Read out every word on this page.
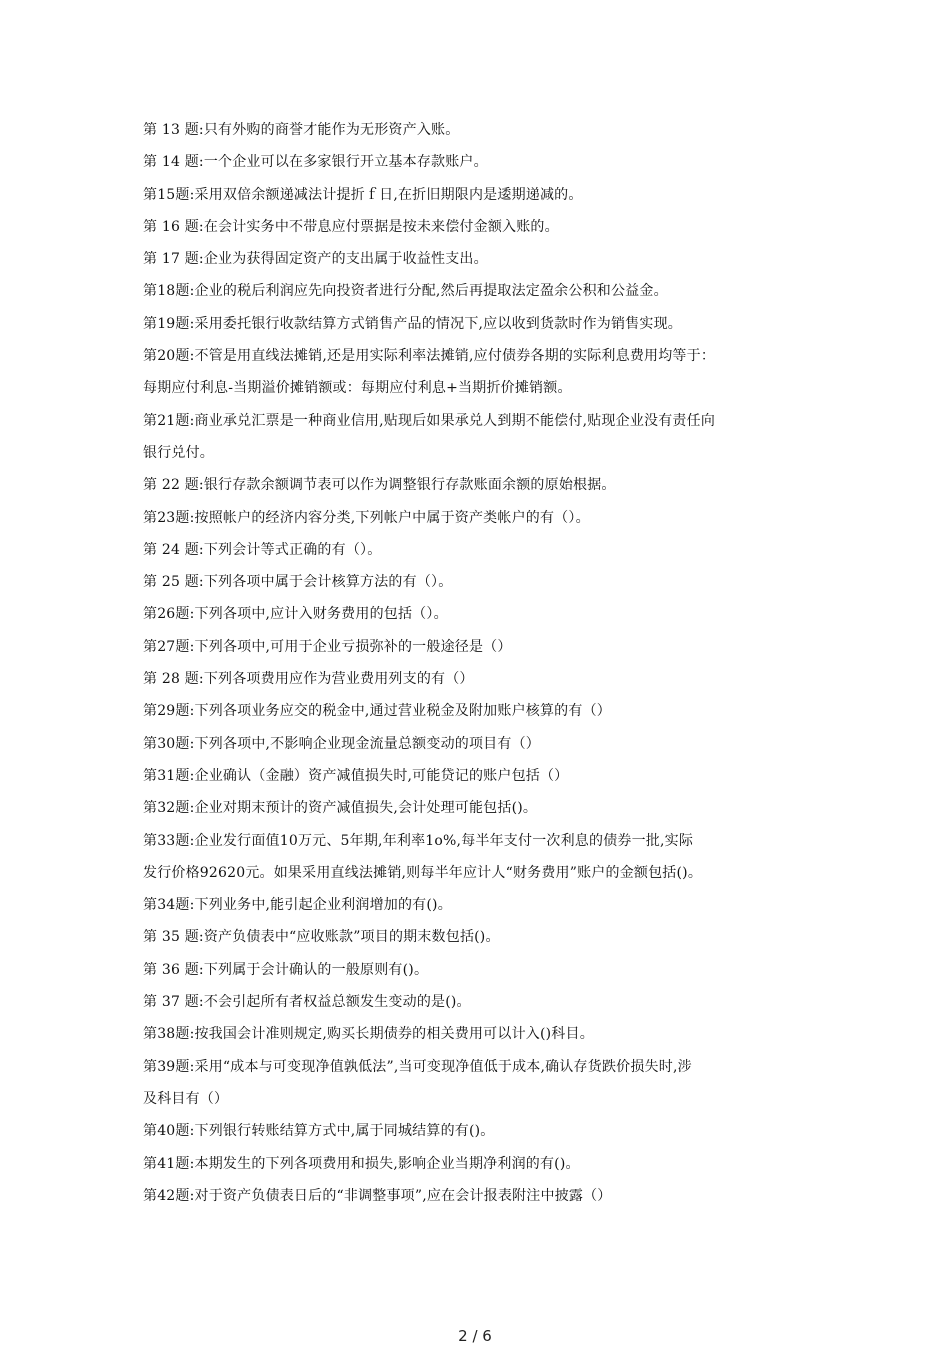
第 13 题:只有外购的商誉才能作为无形资产入账。
第 14 题:一个企业可以在多家银行开立基本存款账户。
第15题:采用双倍余额递减法计提折ｆ日,在折旧期限内是逶期递减的。
第 16 题:在会计实务中不带息应付票据是按未来偿付金额入账的。
第 17 题:企业为获得固定资产的支出属于收益性支出。
第18题:企业的税后利润应先向投资者进行分配,然后再提取法定盈余公积和公益金。
第19题:采用委托银行收款结算方式销售产品的情况下,应以收到货款时作为销售实现。
第20题:不管是用直线法摊销,还是用实际利率法摊销,应付债券各期的实际利息费用均等于：
每期应付利息-当期溢价摊销额或：每期应付利息+当期折价摊销额。
第21题:商业承兑汇票是一种商业信用,贴现后如果承兑人到期不能偿付,贴现企业没有责任向
银行兑付。
第 22 题:银行存款余额调节表可以作为调整银行存款账面余额的原始根据。
第23题:按照帐户的经济内容分类,下列帐户中属于资产类帐户的有（）。
第 24 题:下列会计等式正确的有（）。
第 25 题:下列各项中属于会计核算方法的有（）。
第26题:下列各项中,应计入财务费用的包括（）。
第27题:下列各项中,可用于企业亏损弥补的一般途径是（）
第 28 题:下列各项费用应作为营业费用列支的有（）
第29题:下列各项业务应交的税金中,通过营业税金及附加账户核算的有（）
第30题:下列各项中,不影响企业现金流量总额变动的项目有（）
第31题:企业确认（金融）资产减值损失时,可能贷记的账户包括（）
第32题:企业对期末预计的资产减值损失,会计处理可能包括()。
第33题:企业发行面值10万元、5年期,年利率1o%,每半年支付一次利息的债券一批,实际
发行价格92620元。如果采用直线法摊销,则每半年应计人“财务费用”账户的金额包括()。
第34题:下列业务中,能引起企业利润增加的有()。
第 35 题:资产负债表中“应收账款”项目的期末数包括()。
第 36 题:下列属于会计确认的一般原则有()。
第 37 题:不会引起所有者权益总额发生变动的是()。
第38题:按我国会计准则规定,购买长期债券的相关费用可以计入()科目。
第39题:采用“成本与可变现净值孰低法”,当可变现净值低于成本,确认存货跌价损失时,涉
及科目有（）
第40题:下列银行转账结算方式中,属于同城结算的有()。
第41题:本期发生的下列各项费用和损失,影响企业当期净利润的有()。
第42题:对于资产负债表日后的“非调整事项”,应在会计报表附注中披露（）
2 / 6
